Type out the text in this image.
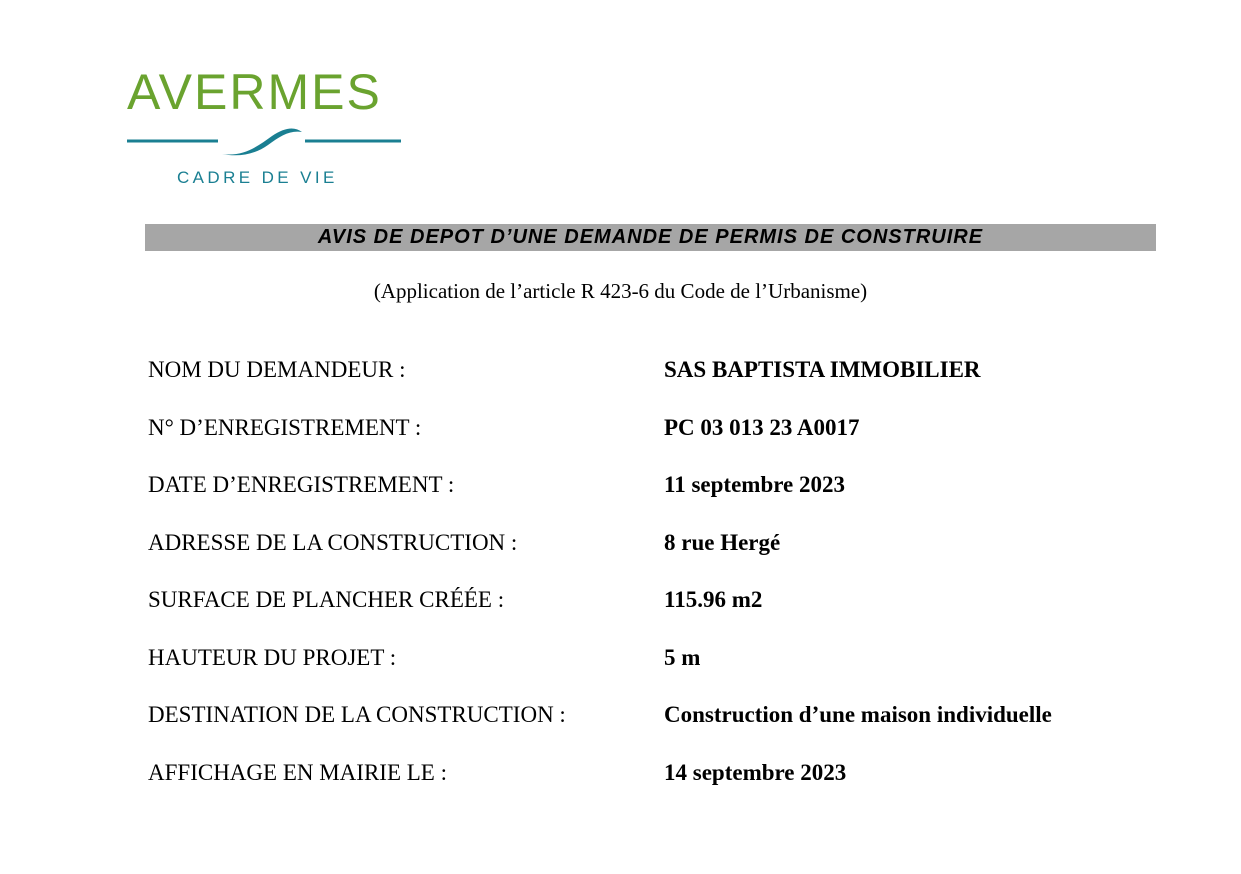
AVERMES
CADRE DE VIE
AVIS DE DEPOT D’UNE DEMANDE DE PERMIS DE CONSTRUIRE
(Application de l’article R 423-6 du Code de l’Urbanisme)
NOM DU DEMANDEUR :	SAS BAPTISTA IMMOBILIER
N° D’ENREGISTREMENT :	PC 03 013 23 A0017
DATE D’ENREGISTREMENT :	11 septembre 2023
ADRESSE DE LA CONSTRUCTION :	8 rue Hergé
SURFACE DE PLANCHER CRÉÉE :	115.96 m2
HAUTEUR DU PROJET :	5 m
DESTINATION DE LA CONSTRUCTION :	Construction d’une maison individuelle
AFFICHAGE EN MAIRIE LE :	14 septembre 2023
